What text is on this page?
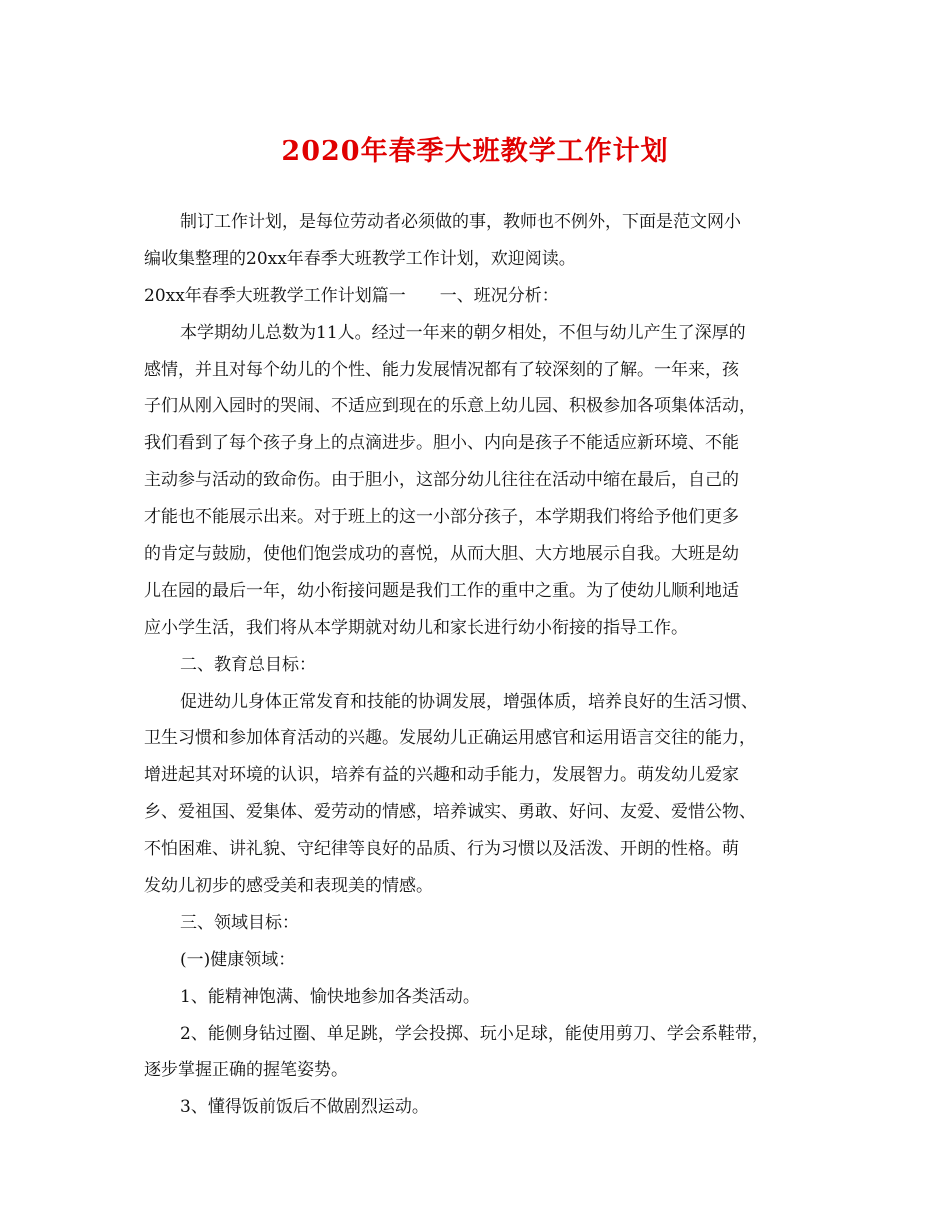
2020年春季大班教学工作计划
制订工作计划，是每位劳动者必须做的事，教师也不例外，下面是范文网小
编收集整理的20xx年春季大班教学工作计划，欢迎阅读。
20xx年春季大班教学工作计划篇一　　一、班况分析：
本学期幼儿总数为11人。经过一年来的朝夕相处，不但与幼儿产生了深厚的
感情，并且对每个幼儿的个性、能力发展情况都有了较深刻的了解。一年来，孩
子们从刚入园时的哭闹、不适应到现在的乐意上幼儿园、积极参加各项集体活动，
我们看到了每个孩子身上的点滴进步。胆小、内向是孩子不能适应新环境、不能
主动参与活动的致命伤。由于胆小，这部分幼儿往往在活动中缩在最后，自己的
才能也不能展示出来。对于班上的这一小部分孩子，本学期我们将给予他们更多
的肯定与鼓励，使他们饱尝成功的喜悦，从而大胆、大方地展示自我。大班是幼
儿在园的最后一年，幼小衔接问题是我们工作的重中之重。为了使幼儿顺利地适
应小学生活，我们将从本学期就对幼儿和家长进行幼小衔接的指导工作。
二、教育总目标：
促进幼儿身体正常发育和技能的协调发展，增强体质，培养良好的生活习惯、
卫生习惯和参加体育活动的兴趣。发展幼儿正确运用感官和运用语言交往的能力，
增进起其对环境的认识，培养有益的兴趣和动手能力，发展智力。萌发幼儿爱家
乡、爱祖国、爱集体、爱劳动的情感，培养诚实、勇敢、好问、友爱、爱惜公物、
不怕困难、讲礼貌、守纪律等良好的品质、行为习惯以及活泼、开朗的性格。萌
发幼儿初步的感受美和表现美的情感。
三、领域目标：
(一)健康领域：
1、能精神饱满、愉快地参加各类活动。
2、能侧身钻过圈、单足跳，学会投掷、玩小足球，能使用剪刀、学会系鞋带，
逐步掌握正确的握笔姿势。
3、懂得饭前饭后不做剧烈运动。
